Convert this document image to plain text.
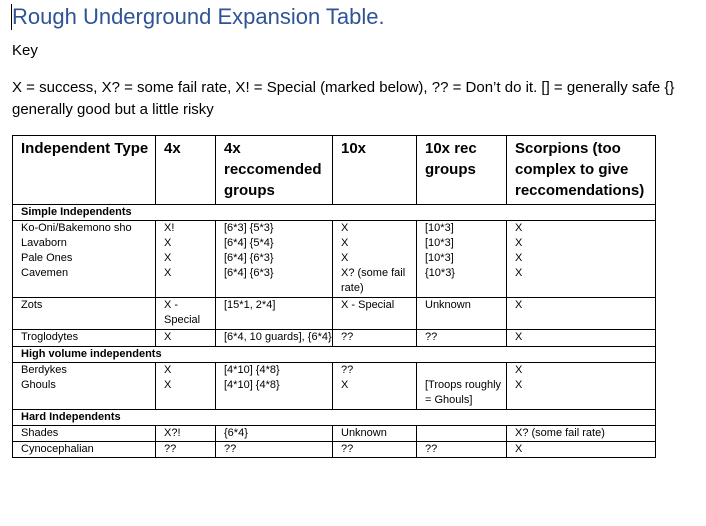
Rough Underground Expansion Table.
Key
X = success, X? = some fail rate, X! = Special (marked below), ?? = Don’t do it. [] = generally safe {} generally good but a little risky
Independent Type	4x	4x reccomended groups	10x	10x rec groups	Scorpions (too complex to give reccomendations)
Simple Independents					
Ko-Oni/Bakemono sho	X!	[6*3] {5*3}	X	[10*3]	X
Lavaborn	X	[6*4] {5*4}	X	[10*3]	X
Pale Ones	X	[6*4] {6*3}	X	[10*3]	X
Cavemen	X	[6*4] {6*3}	X? (some fail rate)	{10*3}	X
Zots	X - Special	[15*1, 2*4]	X - Special	Unknown	X
Troglodytes	X	[6*4, 10 guards], {6*4}	??	??	X
High volume independents					
Berdykes	X	[4*10] {4*8}	??		X
Ghouls	X	[4*10] {4*8}	X	[Troops roughly = Ghouls]	X
Hard Independents					
Shades	X?!	{6*4}	Unknown		X? (some fail rate)
Cynocephalian	??	??	??	??	X
